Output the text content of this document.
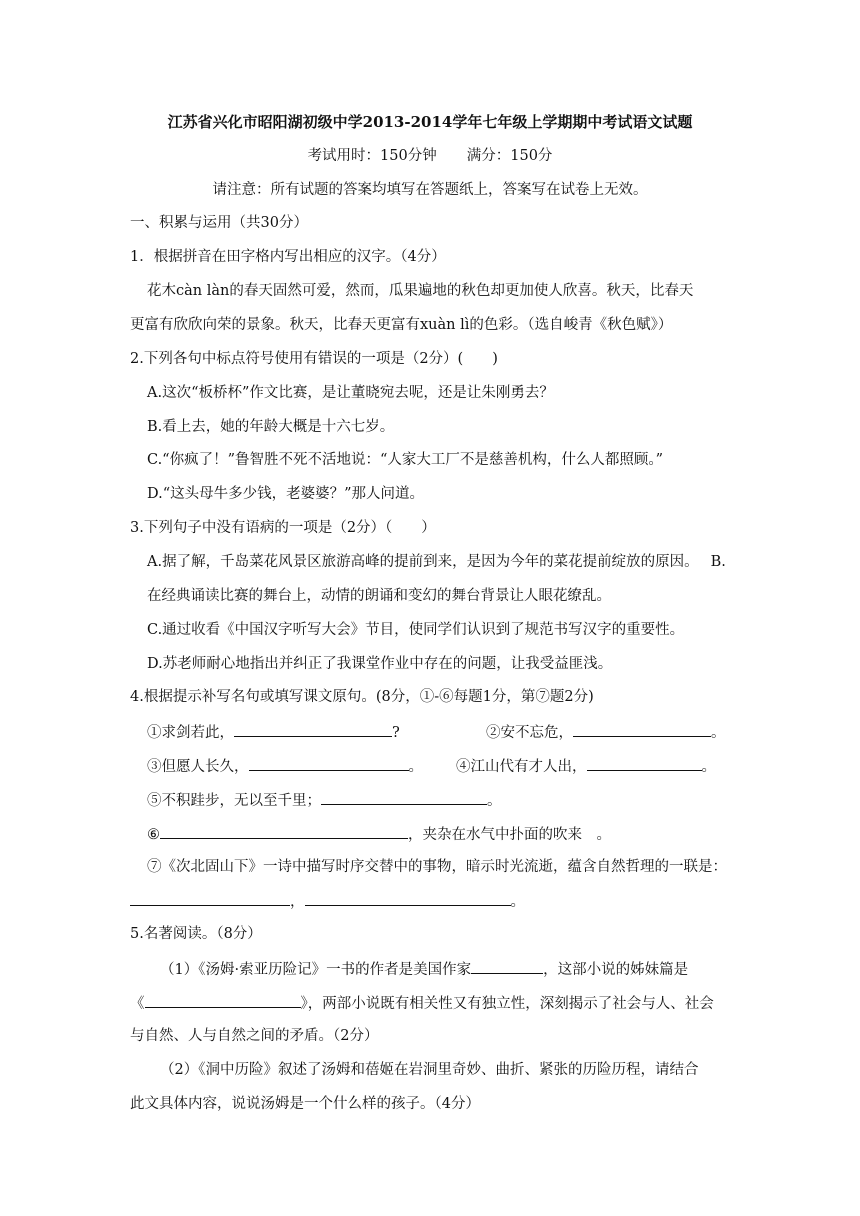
江苏省兴化市昭阳湖初级中学2013-2014学年七年级上学期期中考试语文试题
考试用时：150分钟 满分：150分
请注意：所有试题的答案均填写在答题纸上，答案写在试卷上无效。
一、积累与运用（共30分）
1．根据拼音在田字格内写出相应的汉字。（4分）
花木càn làn的春天固然可爱，然而，瓜果遍地的秋色却更加使人欣喜。秋天，比春天
更富有欣欣向荣的景象。秋天，比春天更富有xuàn lì的色彩。（选自峻青《秋色赋》）
2.下列各句中标点符号使用有错误的一项是（2分）(　　)
A.这次“板桥杯”作文比赛，是让董晓宛去呢，还是让朱刚勇去？
B.看上去，她的年龄大概是十六七岁。
C.“你疯了！”鲁智胜不死不活地说：“人家大工厂不是慈善机构，什么人都照顾。”
D.“这头母牛多少钱，老婆婆？”那人问道。
3.下列句子中没有语病的一项是（2分）（　　）
A.据了解，千岛菜花风景区旅游高峰的提前到来，是因为今年的菜花提前绽放的原因。 B.
在经典诵读比赛的舞台上，动情的朗诵和变幻的舞台背景让人眼花缭乱。
C.通过收看《中国汉字听写大会》节目，使同学们认识到了规范书写汉字的重要性。
D.苏老师耐心地指出并纠正了我课堂作业中存在的问题，让我受益匪浅。
4.根据提示补写名句或填写课文原句。(8分，①-⑥每题1分，第⑦题2分)
①求剑若此，	?	②安不忘危，	。
③但愿人长久，	。 ④江山代有才人出，	。
⑤不积跬步，无以至千里；	。
⑥	，夹杂在水气中扑面的吹来　。
⑦《次北固山下》一诗中描写时序交替中的事物，暗示时光流逝，蕴含自然哲理的一联是：
，	。
5.名著阅读。（8分）
（1）《汤姆·索亚历险记》一书的作者是美国作家	，这部小说的姊妹篇是
《	》，两部小说既有相关性又有独立性，深刻揭示了社会与人、社会
与自然、人与自然之间的矛盾。（2分）
（2）《洞中历险》叙述了汤姆和蓓姬在岩洞里奇妙、曲折、紧张的历险历程，请结合
此文具体内容，说说汤姆是一个什么样的孩子。（4分）
